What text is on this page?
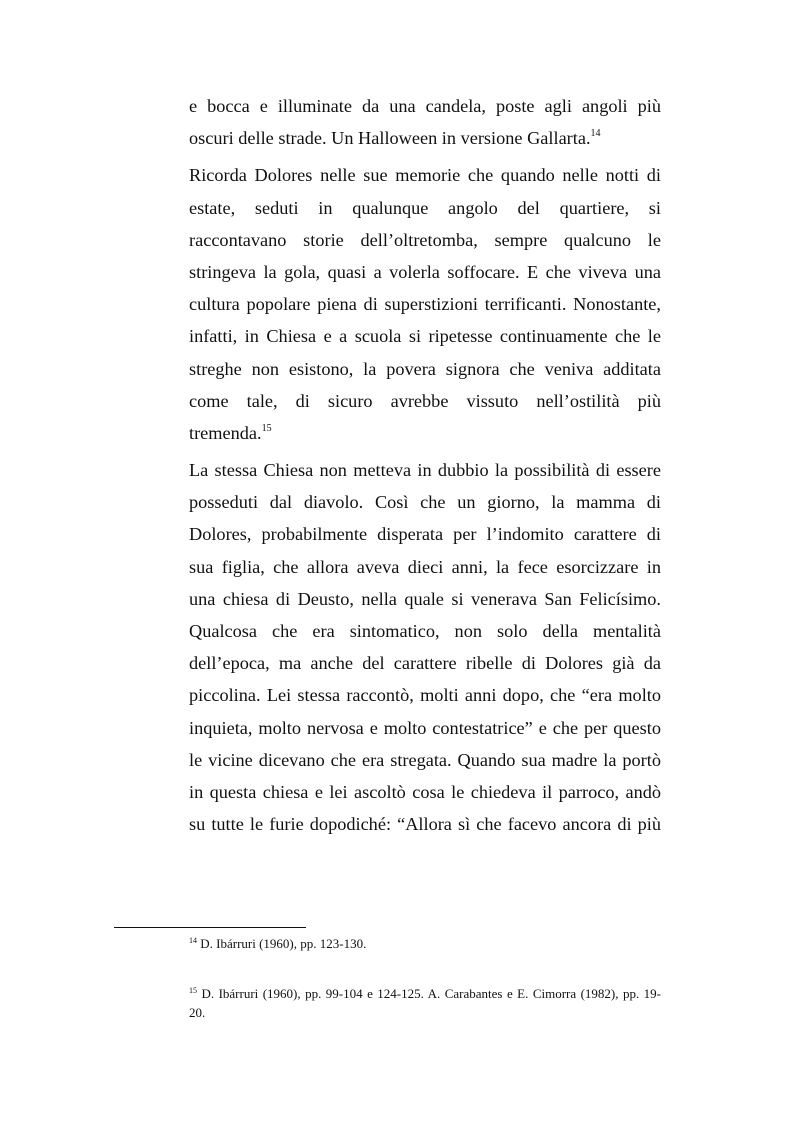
e bocca e illuminate da una candela, poste agli angoli più
oscuri delle strade. Un Halloween in versione Gallarta.$^{14}$
Ricorda Dolores nelle sue memorie che quando nelle notti di
estate, seduti in qualunque angolo del quartiere, si
raccontavano storie dell’oltretomba, sempre qualcuno le
stringeva la gola, quasi a volerla soffocare. E che viveva una
cultura popolare piena di superstizioni terrificanti. Nonostante,
infatti, in Chiesa e a scuola si ripetesse continuamente che le
streghe non esistono, la povera signora che veniva additata
come tale, di sicuro avrebbe vissuto nell’ostilità più
tremenda.$^{15}$
La stessa Chiesa non metteva in dubbio la possibilità di essere
posseduti dal diavolo. Così che un giorno, la mamma di
Dolores, probabilmente disperata per l’indomito carattere di
sua figlia, che allora aveva dieci anni, la fece esorcizzare in
una chiesa di Deusto, nella quale si venerava San Felicísimo.
Qualcosa che era sintomatico, non solo della mentalità
dell’epoca, ma anche del carattere ribelle di Dolores già da
piccolina. Lei stessa raccontò, molti anni dopo, che “era molto
inquieta, molto nervosa e molto contestatrice” e che per questo
le vicine dicevano che era stregata. Quando sua madre la portò
in questa chiesa e lei ascoltò cosa le chiedeva il parroco, andò
su tutte le furie dopodiché: “Allora sì che facevo ancora di più
$^{14}$ D. Ibárruri (1960), pp. 123-130.
$^{15}$ D. Ibárruri (1960), pp. 99-104 e 124-125. A. Carabantes e E. Cimorra (1982), pp. 19-
20.
